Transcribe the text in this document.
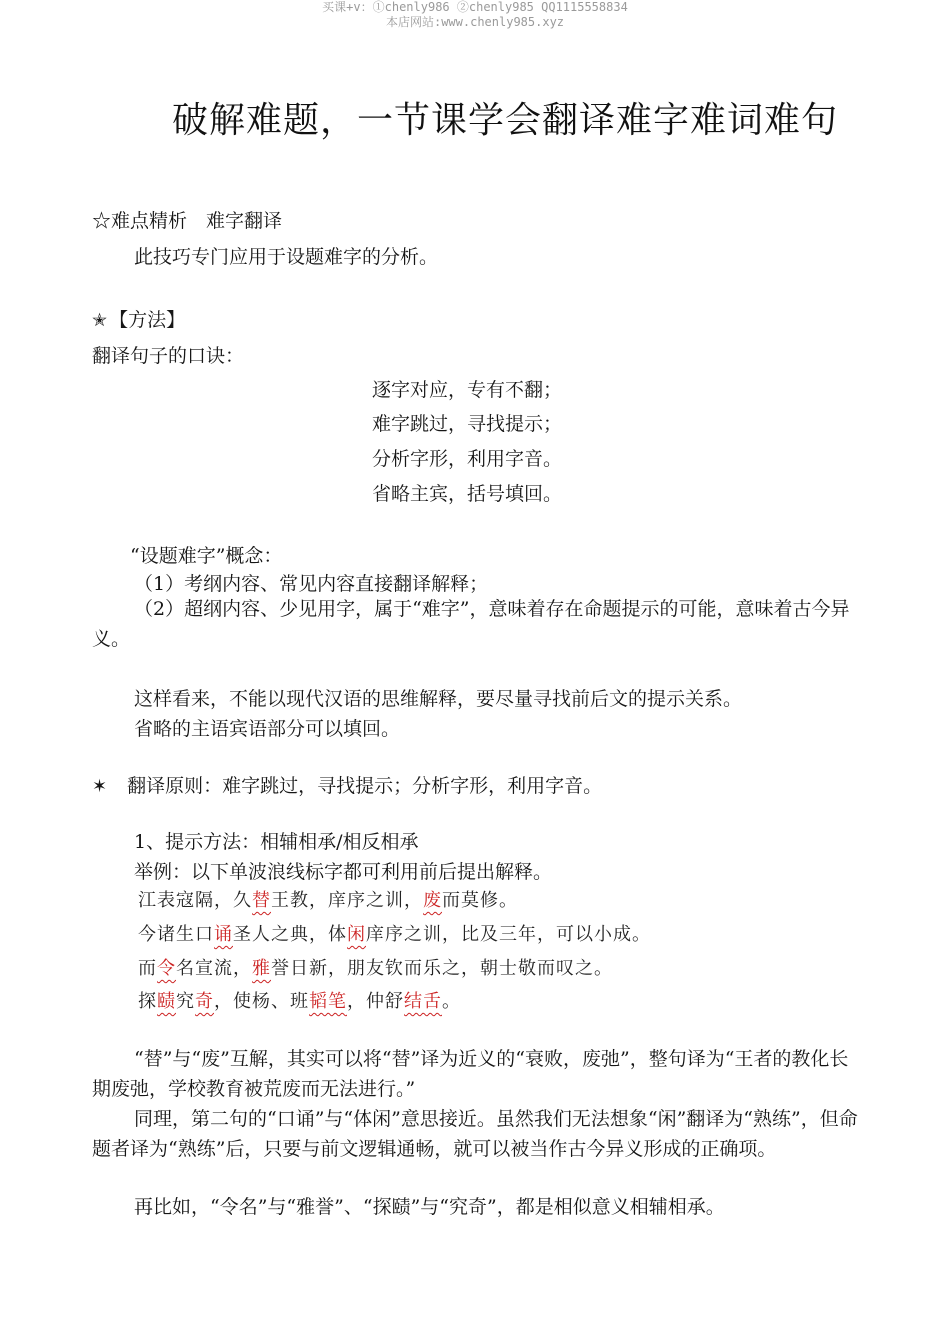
买课+v：①chenly986 ②chenly985 QQ1115558834
本店网站:www.chenly985.xyz
破解难题，一节课学会翻译难字难词难句
☆难点精析　难字翻译
此技巧专门应用于设题难字的分析。
✭ 【方法】
翻译句子的口诀：
逐字对应，专有不翻；
难字跳过，寻找提示；
分析字形，利用字音。
省略主宾，括号填回。
“设题难字”概念：
（1）考纲内容、常见内容直接翻译解释；
（2）超纲内容、少见用字，属于“难字”，意味着存在命题提示的可能，意味着古今异义。
这样看来，不能以现代汉语的思维解释，要尽量寻找前后文的提示关系。
省略的主语宾语部分可以填回。
✶ 翻译原则：难字跳过，寻找提示；分析字形，利用字音。
1、提示方法：相辅相承/相反相承
举例：以下单波浪线标字都可利用前后提出解释。
江表寇隔，久替王教，庠序之训，废而莫修。
今诸生口诵圣人之典，体闲庠序之训，比及三年，可以小成。
而令名宣流，雅誉日新，朋友钦而乐之，朝士敬而叹之。
探赜究奇，使杨、班韬笔，仲舒结舌。
“替”与“废”互解，其实可以将“替”译为近义的“衰败，废弛”，整句译为“王者的教化长期废弛，学校教育被荒废而无法进行。”
同理，第二句的“口诵”与“体闲”意思接近。虽然我们无法想象“闲”翻译为“熟练”，但命题者译为“熟练”后，只要与前文逻辑通畅，就可以被当作古今异义形成的正确项。
再比如，“令名”与“雅誉”、“探赜”与“究奇”，都是相似意义相辅相承。
